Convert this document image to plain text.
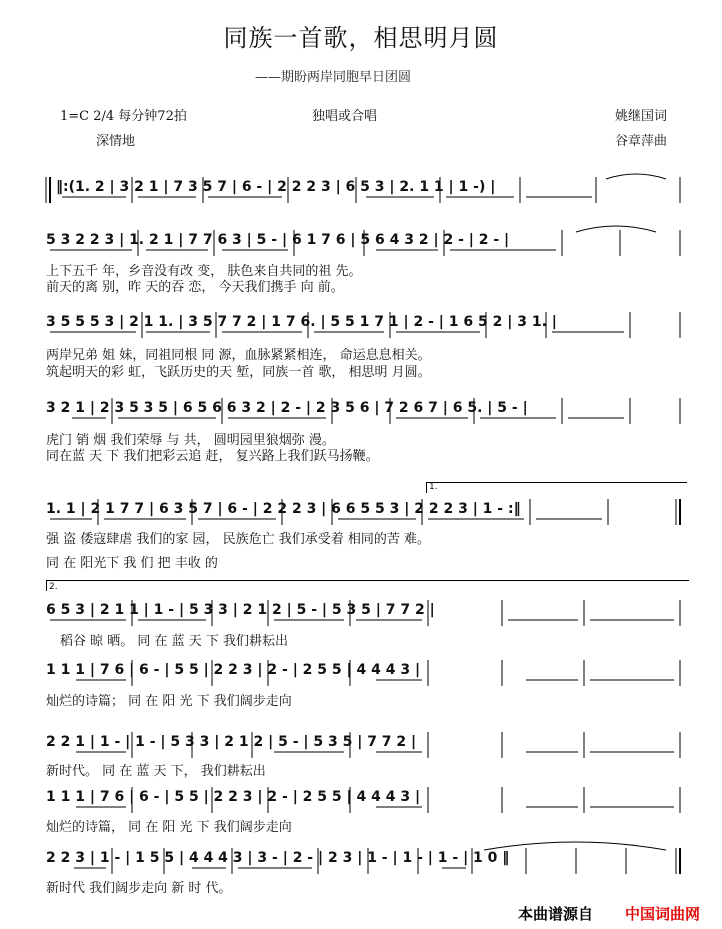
同族一首歌，相思明月圆
——期盼两岸同胞早日团圆
1=C 2/4 每分钟72拍
深情地
独唱或合唱	姚继国词
谷章萍曲
‖:(1. 2 | 3 2 1 | 7 3 5 7 | 6 - | 2 2 2 3 | 6 5 3 | 2. 1 1 | 1 -) |
5 3 2 2 3 | 1. 2 1 | 7 7 6 3 | 5 - | 6 1 7 6 | 5 6 4 3 2 | 2 - | 2 - |
上下五千 年，乡音没有改 变， 肤色来自共同的祖 先。
前天的离 别，昨 天的吞 恋， 今天我们携手 向 前。
3 5 5 5 3 | 2 1 1. | 3 5 7 7 2 | 1 7 6. | 5 5 1 7 1 | 2 - | 1 6 5 2 | 3 1. |
两岸兄弟 姐 妹，同祖同根 同 源，血脉紧紧相连， 命运息息相关。
筑起明天的彩 虹，飞跃历史的天 堑，同族一首 歌， 相思明 月圆。
3 2 1 | 2 3 5 3 5 | 6 5 6 6 3 2 | 2 - | 2 3 5 6 | 7 2 6 7 | 6 5. | 5 - |
虎门 销 烟 我们荣辱 与 共， 圆明园里狼烟弥 漫。
同在蓝 天 下 我们把彩云追 赶， 复兴路上我们跃马扬鞭。
1.
1. 1 | 2 1 7 7 | 6 3 5 7 | 6 - | 2 2 2 3 | 6 6 5 5 3 | 2 2 2 3 | 1 - :‖
强 盗 倭寇肆虐 我们的家 园， 民族危亡 我们承受着 相同的苦 难。
同 在 阳光下 我 们 把 丰收 的
2.
6 5 3 | 2 1 1 | 1 - | 5 3 3 | 2 1 2 | 5 - | 5 3 5 | 7 7 2 |
稻谷 晾 晒。 同 在 蓝 天 下 我们耕耘出
1 1 1 | 7 6 | 6 - | 5 5 | 2 2 3 | 2 - | 2 5 5 | 4 4 4 3 |
灿烂的诗篇； 同 在 阳 光 下 我们阔步走向
2 2 1 | 1 - | 1 - | 5 3 3 | 2 1 2 | 5 - | 5 3 5 | 7 7 2 |
新时代。 同 在 蓝 天 下， 我们耕耘出
1 1 1 | 7 6 | 6 - | 5 5 | 2 2 3 | 2 - | 2 5 5 | 4 4 4 3 |
灿烂的诗篇， 同 在 阳 光 下 我们阔步走向
2 2 3 | 1 - | 1 5 5 | 4 4 4 3 | 3 - | 2 - | 2 3 | 1 - | 1 - | 1 - | 1 0 ‖
新时代 我们阔步走向 新 时 代。
本曲谱源自 中国词曲网
